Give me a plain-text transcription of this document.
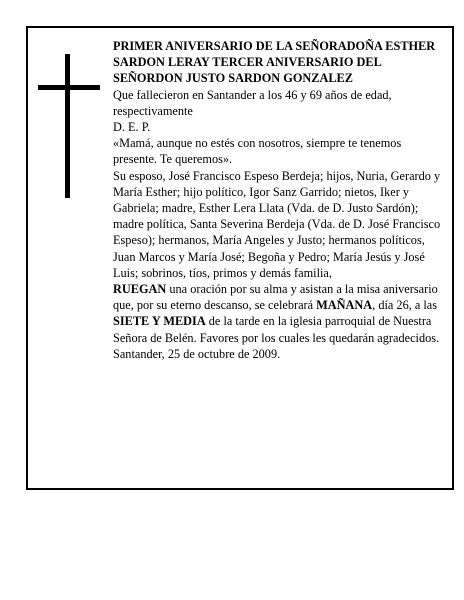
PRIMER ANIVERSARIO DE LA SEÑORADOÑA ESTHER SARDON LERAY TERCER ANIVERSARIO DEL SEÑORDON JUSTO SARDON GONZALEZ

Que fallecieron en Santander a los 46 y 69 años de edad, respectivamente

D. E. P.

«Mamá, aunque no estés con nosotros, siempre te tenemos presente. Te queremos».

Su esposo, José Francisco Espeso Berdeja; hijos, Nuria, Gerardo y María Esther; hijo político, Igor Sanz Garrido; nietos, Iker y Gabriela; madre, Esther Lera Llata (Vda. de D. Justo Sardón); madre política, Santa Severina Berdeja (Vda. de D. José Francisco Espeso); hermanos, María Angeles y Justo; hermanos políticos, Juan Marcos y María José; Begoña y Pedro; María Jesús y José Luis; sobrinos, tíos, primos y demás familia,

RUEGAN una oración por su alma y asistan a la misa aniversario que, por su eterno descanso, se celebrará MAÑANA, día 26, a las SIETE Y MEDIA de la tarde en la iglesia parroquial de Nuestra Señora de Belén. Favores por los cuales les quedarán agradecidos.

Santander, 25 de octubre de 2009.
